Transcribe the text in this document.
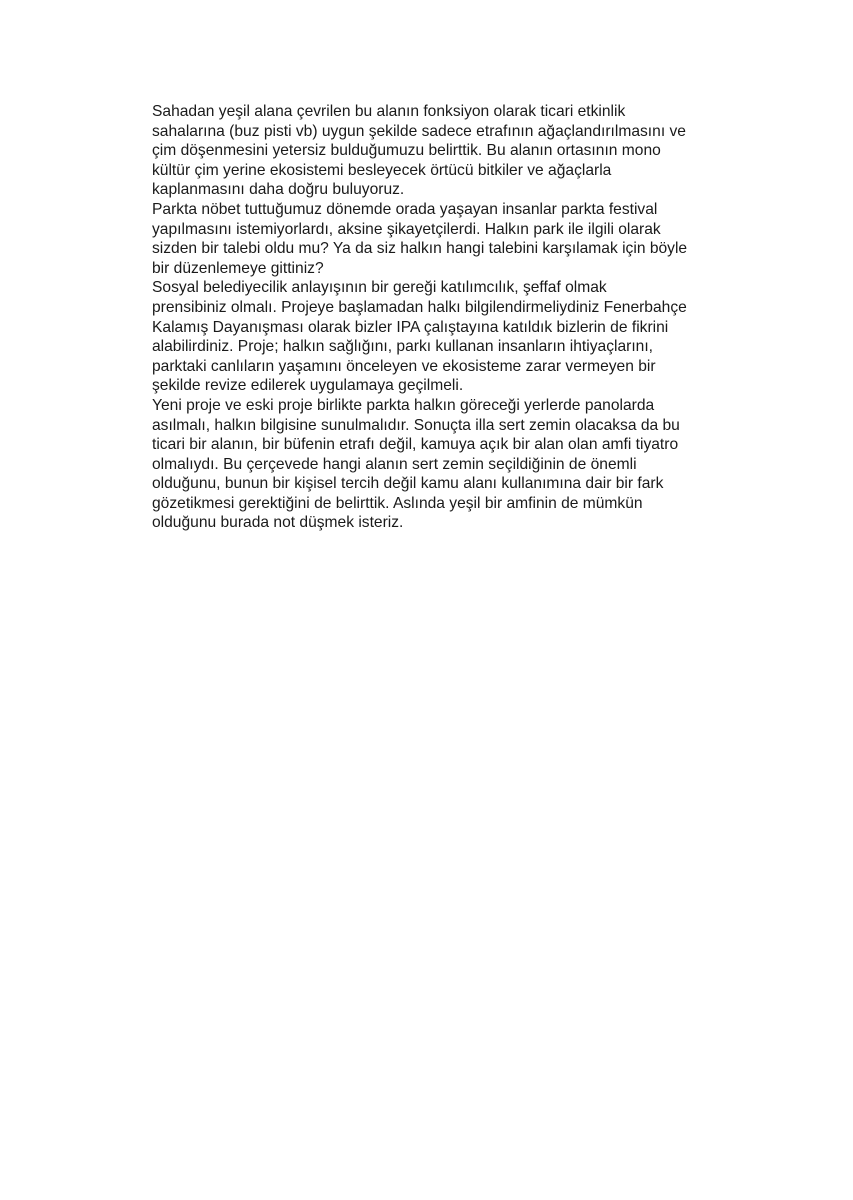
Sahadan yeşil alana çevrilen bu alanın fonksiyon olarak ticari etkinlik
sahalarına (buz pisti vb) uygun şekilde sadece etrafının ağaçlandırılmasını ve
çim döşenmesini yetersiz bulduğumuzu belirttik. Bu alanın ortasının mono
kültür çim yerine ekosistemi besleyecek örtücü bitkiler ve ağaçlarla
kaplanmasını daha doğru buluyoruz.

Parkta nöbet tuttuğumuz dönemde orada yaşayan insanlar parkta festival
yapılmasını istemiyorlardı, aksine şikayetçilerdi. Halkın park ile ilgili olarak
sizden bir talebi oldu mu? Ya da siz halkın hangi talebini karşılamak için böyle
bir düzenlemeye gittiniz?

Sosyal belediyecilik anlayışının bir gereği katılımcılık, şeffaf olmak
prensibiniz olmalı. Projeye başlamadan halkı bilgilendirmeliydiniz Fenerbahçe
Kalamış Dayanışması olarak bizler IPA çalıştayına katıldık bizlerin de fikrini
alabilirdiniz. Proje; halkın sağlığını, parkı kullanan insanların ihtiyaçlarını,
parktaki canlıların yaşamını önceleyen ve ekosisteme zarar vermeyen bir
şekilde revize edilerek uygulamaya geçilmeli.

Yeni proje ve eski proje birlikte parkta halkın göreceği yerlerde panolarda
asılmalı, halkın bilgisine sunulmalıdır. Sonuçta illa sert zemin olacaksa da bu
ticari bir alanın, bir büfenin etrafı değil, kamuya açık bir alan olan amfi tiyatro
olmalıydı. Bu çerçevede hangi alanın sert zemin seçildiğinin de önemli
olduğunu, bunun bir kişisel tercih değil kamu alanı kullanımına dair bir fark
gözetikmesi gerektiğini de belirttik. Aslında yeşil bir amfinin de mümkün
olduğunu burada not düşmek isteriz.
